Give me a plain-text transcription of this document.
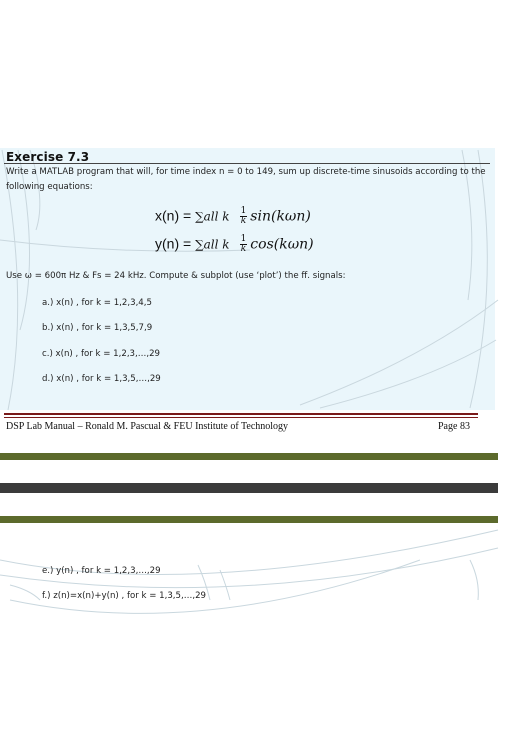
Exercise 7.3
Write a MATLAB program that will, for time index n = 0 to 149, sum up discrete-time sinusoids according to the following equations:
x(n) = ∑all k $\frac{1}{k} \sin(k\omega n)$
y(n) = ∑all k $\frac{1}{k} \cos(k\omega n)$
Use ω = 600π Hz & Fs = 24 kHz. Compute & subplot (use ‘plot’) the ff. signals:
a.) x(n) , for k = 1,2,3,4,5
b.) x(n) , for k = 1,3,5,7,9
c.) x(n) , for k = 1,2,3,…,29
d.) x(n) , for k = 1,3,5,…,29
DSP Lab Manual – Ronald M. Pascual & FEU Institute of Technology	Page 83
e.) y(n) , for k = 1,2,3,…,29
f.) z(n)=x(n)+y(n) , for k = 1,3,5,…,29
